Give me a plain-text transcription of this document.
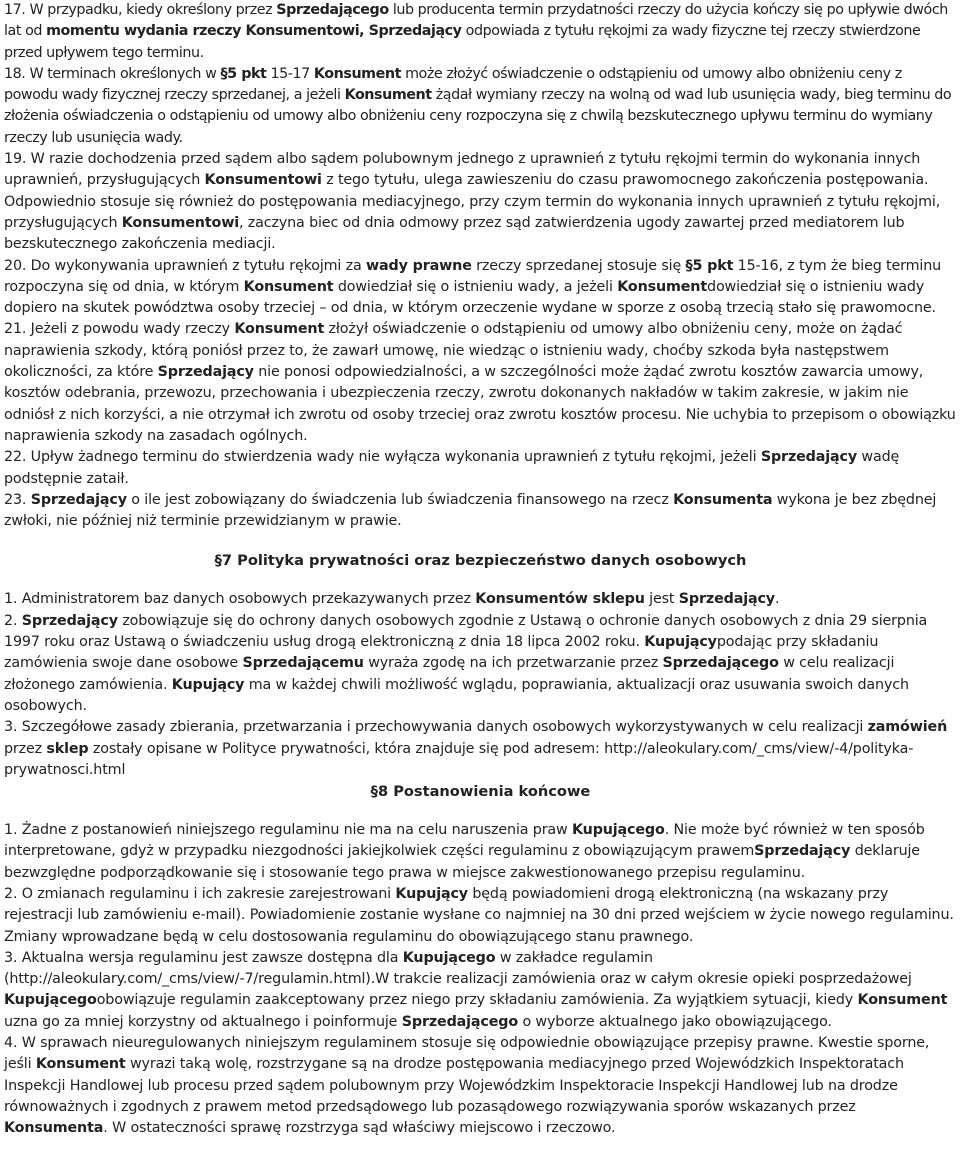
17. W przypadku, kiedy określony przez Sprzedającego lub producenta termin przydatności rzeczy do użycia kończy się po upływie dwóch lat od momentu wydania rzeczy Konsumentowi, Sprzedający odpowiada z tytułu rękojmi za wady fizyczne tej rzeczy stwierdzone przed upływem tego terminu.

18. W terminach określonych w §5 pkt 15-17 Konsument może złożyć oświadczenie o odstąpieniu od umowy albo obniżeniu ceny z powodu wady fizycznej rzeczy sprzedanej, a jeżeli Konsument żądał wymiany rzeczy na wolną od wad lub usunięcia wady, bieg terminu do złożenia oświadczenia o odstąpieniu od umowy albo obniżeniu ceny rozpoczyna się z chwilą bezskutecznego upływu terminu do wymiany rzeczy lub usunięcia wady.

19. W razie dochodzenia przed sądem albo sądem polubownym jednego z uprawnień z tytułu rękojmi termin do wykonania innych uprawnień, przysługujących Konsumentowi z tego tytułu, ulega zawieszeniu do czasu prawomocnego zakończenia postępowania. Odpowiednio stosuje się również do postępowania mediacyjnego, przy czym termin do wykonania innych uprawnień z tytułu rękojmi, przysługujących Konsumentowi, zaczyna biec od dnia odmowy przez sąd zatwierdzenia ugody zawartej przed mediatorem lub bezskutecznego zakończenia mediacji.

20. Do wykonywania uprawnień z tytułu rękojmi za wady prawne rzeczy sprzedanej stosuje się §5 pkt 15-16, z tym że bieg terminu rozpoczyna się od dnia, w którym Konsument dowiedział się o istnieniu wady, a jeżeli Konsumentdowiedział się o istnieniu wady dopiero na skutek powództwa osoby trzeciej – od dnia, w którym orzeczenie wydane w sporze z osobą trzecią stało się prawomocne.

21. Jeżeli z powodu wady rzeczy Konsument złożył oświadczenie o odstąpieniu od umowy albo obniżeniu ceny, może on żądać naprawienia szkody, którą poniósł przez to, że zawarł umowę, nie wiedząc o istnieniu wady, choćby szkoda była następstwem okoliczności, za które Sprzedający nie ponosi odpowiedzialności, a w szczególności może żądać zwrotu kosztów zawarcia umowy, kosztów odebrania, przewozu, przechowania i ubezpieczenia rzeczy, zwrotu dokonanych nakładów w takim zakresie, w jakim nie odniósł z nich korzyści, a nie otrzymał ich zwrotu od osoby trzeciej oraz zwrotu kosztów procesu. Nie uchybia to przepisom o obowiązku naprawienia szkody na zasadach ogólnych.

22. Upływ żadnego terminu do stwierdzenia wady nie wyłącza wykonania uprawnień z tytułu rękojmi, jeżeli Sprzedający wadę podstępnie zataił.

23. Sprzedający o ile jest zobowiązany do świadczenia lub świadczenia finansowego na rzecz Konsumenta wykona je bez zbędnej zwłoki, nie później niż terminie przewidzianym w prawie.

§7 Polityka prywatności oraz bezpieczeństwo danych osobowych

1. Administratorem baz danych osobowych przekazywanych przez Konsumentów sklepu jest Sprzedający.

2. Sprzedający zobowiązuje się do ochrony danych osobowych zgodnie z Ustawą o ochronie danych osobowych z dnia 29 sierpnia 1997 roku oraz Ustawą o świadczeniu usług drogą elektroniczną z dnia 18 lipca 2002 roku. Kupującypodając przy składaniu zamówienia swoje dane osobowe Sprzedającemu wyraża zgodę na ich przetwarzanie przez Sprzedającego w celu realizacji złożonego zamówienia. Kupujący ma w każdej chwili możliwość wglądu, poprawiania, aktualizacji oraz usuwania swoich danych osobowych.

3. Szczegółowe zasady zbierania, przetwarzania i przechowywania danych osobowych wykorzystywanych w celu realizacji zamówień przez sklep zostały opisane w Polityce prywatności, która znajduje się pod adresem: http://aleokulary.com/_cms/view/-4/polityka-prywatnosci.html

§8 Postanowienia końcowe

1. Żadne z postanowień niniejszego regulaminu nie ma na celu naruszenia praw Kupującego. Nie może być również w ten sposób interpretowane, gdyż w przypadku niezgodności jakiejkolwiek części regulaminu z obowiązującym prawemSprzedający deklaruje bezwzględne podporządkowanie się i stosowanie tego prawa w miejsce zakwestionowanego przepisu regulaminu.

2. O zmianach regulaminu i ich zakresie zarejestrowani Kupujący będą powiadomieni drogą elektroniczną (na wskazany przy rejestracji lub zamówieniu e-mail). Powiadomienie zostanie wysłane co najmniej na 30 dni przed wejściem w życie nowego regulaminu. Zmiany wprowadzane będą w celu dostosowania regulaminu do obowiązującego stanu prawnego.

3. Aktualna wersja regulaminu jest zawsze dostępna dla Kupującego w zakładce regulamin (http://aleokulary.com/_cms/view/-7/regulamin.html).W trakcie realizacji zamówienia oraz w całym okresie opieki posprzedażowej Kupującegoobowiązuje regulamin zaakceptowany przez niego przy składaniu zamówienia. Za wyjątkiem sytuacji, kiedy Konsument uzna go za mniej korzystny od aktualnego i poinformuje Sprzedającego o wyborze aktualnego jako obowiązującego.

4. W sprawach nieuregulowanych niniejszym regulaminem stosuje się odpowiednie obowiązujące przepisy prawne. Kwestie sporne, jeśli Konsument wyrazi taką wolę, rozstrzygane są na drodze postępowania mediacyjnego przed Wojewódzkich Inspektoratach Inspekcji Handlowej lub procesu przed sądem polubownym przy Wojewódzkim Inspektoracie Inspekcji Handlowej lub na drodze równoważnych i zgodnych z prawem metod przedsądowego lub pozasądowego rozwiązywania sporów wskazanych przez Konsumenta. W ostateczności sprawę rozstrzyga sąd właściwy miejscowo i rzeczowo.
